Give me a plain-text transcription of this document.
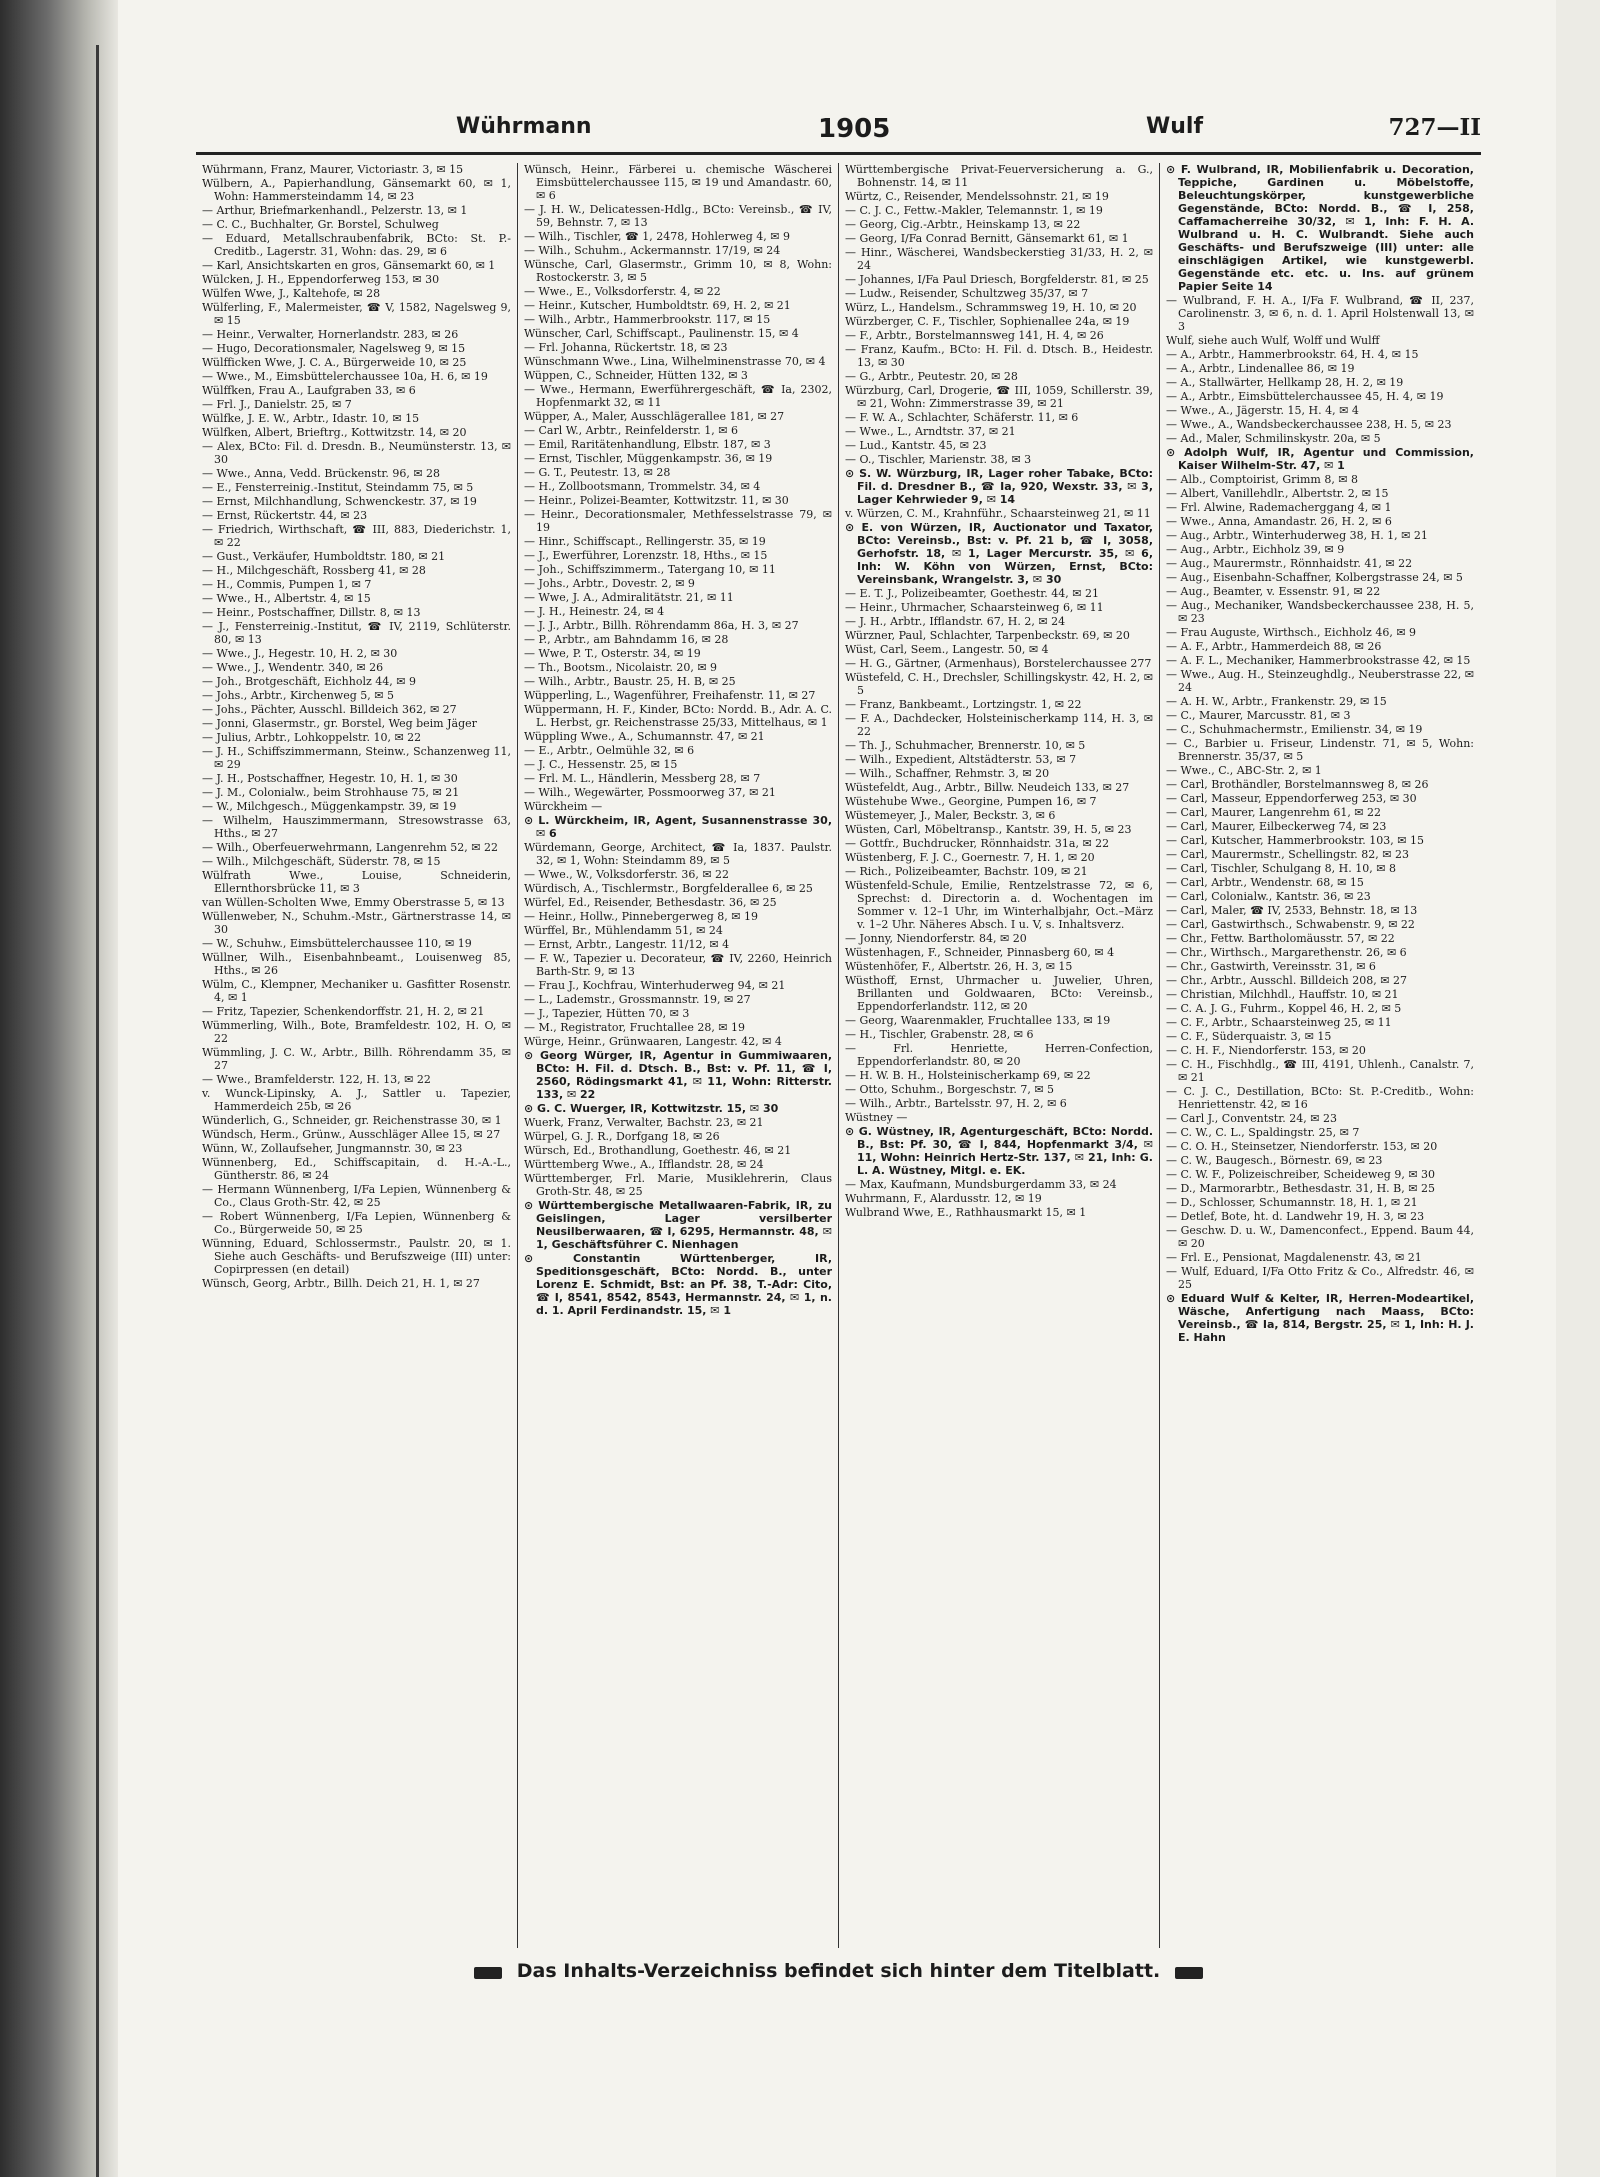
Wührmann	1905	Wulf	727—II
Wührmann, Franz, Maurer, Victoriastr. 3, ✉ 15
Wülbern, A., Papierhandlung, Gänsemarkt 60, ✉ 1, Wohn: Hammersteindamm 14, ✉ 23
— Arthur, Briefmarkenhandl., Pelzerstr. 13, ✉ 1
— C. C., Buchhalter, Gr. Borstel, Schulweg
— Eduard, Metallschraubenfabrik, BCto: St. P.-Creditb., Lagerstr. 31, Wohn: das. 29, ✉ 6
— Karl, Ansichtskarten en gros, Gänsemarkt 60, ✉ 1
Wülcken, J. H., Eppendorferweg 153, ✉ 30
Wülfen Wwe, J., Kaltehofe, ✉ 28
Wülferling, F., Malermeister, ☎ V, 1582, Nagelsweg 9, ✉ 15
— Heinr., Verwalter, Hornerlandstr. 283, ✉ 26
— Hugo, Decorationsmaler, Nagelsweg 9, ✉ 15
Wülfficken Wwe, J. C. A., Bürgerweide 10, ✉ 25
— Wwe., M., Eimsbüttelerchaussee 10a, H. 6, ✉ 19
Wülffken, Frau A., Laufgraben 33, ✉ 6
— Frl. J., Danielstr. 25, ✉ 7
Wülfke, J. E. W., Arbtr., Idastr. 10, ✉ 15
Wülfken, Albert, Brieftrg., Kottwitzstr. 14, ✉ 20
— Alex, BCto: Fil. d. Dresdn. B., Neumünsterstr. 13, ✉ 30
— Wwe., Anna, Vedd. Brückenstr. 96, ✉ 28
— E., Fensterreinig.-Institut, Steindamm 75, ✉ 5
— Ernst, Milchhandlung, Schwenckestr. 37, ✉ 19
— Ernst, Rückertstr. 44, ✉ 23
— Friedrich, Wirthschaft, ☎ III, 883, Diederichstr. 1, ✉ 22
— Gust., Verkäufer, Humboldtstr. 180, ✉ 21
— H., Milchgeschäft, Rossberg 41, ✉ 28
— H., Commis, Pumpen 1, ✉ 7
— Wwe., H., Albertstr. 4, ✉ 15
— Heinr., Postschaffner, Dillstr. 8, ✉ 13
— J., Fensterreinig.-Institut, ☎ IV, 2119, Schlüterstr. 80, ✉ 13
— Wwe., J., Hegestr. 10, H. 2, ✉ 30
— Wwe., J., Wendentr. 340, ✉ 26
— Joh., Brotgeschäft, Eichholz 44, ✉ 9
— Johs., Arbtr., Kirchenweg 5, ✉ 5
— Johs., Pächter, Ausschl. Billdeich 362, ✉ 27
— Jonni, Glasermstr., gr. Borstel, Weg beim Jäger
— Julius, Arbtr., Lohkoppelstr. 10, ✉ 22
— J. H., Schiffszimmermann, Steinw., Schanzenweg 11, ✉ 29
— J. H., Postschaffner, Hegestr. 10, H. 1, ✉ 30
— J. M., Colonialw., beim Strohhause 75, ✉ 21
— W., Milchgesch., Müggenkampstr. 39, ✉ 19
— Wilhelm, Hauszimmermann, Stresowstrasse 63, Hths., ✉ 27
— Wilh., Oberfeuerwehrmann, Langenrehm 52, ✉ 22
— Wilh., Milchgeschäft, Süderstr. 78, ✉ 15
Wülfrath Wwe., Louise, Schneiderin, Ellernthorsbrücke 11, ✉ 3
van Wüllen-Scholten Wwe, Emmy Oberstrasse 5, ✉ 13
Wüllenweber, N., Schuhm.-Mstr., Gärtnerstrasse 14, ✉ 30
— W., Schuhw., Eimsbüttelerchaussee 110, ✉ 19
Wüllner, Wilh., Eisenbahnbeamt., Louisenweg 85, Hths., ✉ 26
Wülm, C., Klempner, Mechaniker u. Gasfitter Rosenstr. 4, ✉ 1
— Fritz, Tapezier, Schenkendorffstr. 21, H. 2, ✉ 21
Wümmerling, Wilh., Bote, Bramfeldestr. 102, H. O, ✉ 22
Wümmling, J. C. W., Arbtr., Billh. Röhrendamm 35, ✉ 27
— Wwe., Bramfelderstr. 122, H. 13, ✉ 22
v. Wunck-Lipinsky, A. J., Sattler u. Tapezier, Hammerdeich 25b, ✉ 26
Wünderlich, G., Schneider, gr. Reichenstrasse 30, ✉ 1
Wündsch, Herm., Grünw., Ausschläger Allee 15, ✉ 27
Wünn, W., Zollaufseher, Jungmannstr. 30, ✉ 23
Wünnenberg, Ed., Schiffscapitain, d. H.-A.-L., Güntherstr. 86, ✉ 24
— Hermann Wünnenberg, I/Fa Lepien, Wünnenberg & Co., Claus Groth-Str. 42, ✉ 25
— Robert Wünnenberg, I/Fa Lepien, Wünnenberg & Co., Bürgerweide 50, ✉ 25
Wünning, Eduard, Schlossermstr., Paulstr. 20, ✉ 1. Siehe auch Geschäfts- und Berufszweige (III) unter: Copirpressen (en detail)
Wünsch, Georg, Arbtr., Billh. Deich 21, H. 1, ✉ 27
Wünsch, Heinr., Färberei u. chemische Wäscherei Eimsbüttelerchaussee 115, ✉ 19 und Amandastr. 60, ✉ 6
— J. H. W., Delicatessen-Hdlg., BCto: Vereinsb., ☎ IV, 59, Behnstr. 7, ✉ 13
— Wilh., Tischler, ☎ 1, 2478, Hohlerweg 4, ✉ 9
— Wilh., Schuhm., Ackermannstr. 17/19, ✉ 24
Wünsche, Carl, Glasermstr., Grimm 10, ✉ 8, Wohn: Rostockerstr. 3, ✉ 5
— Wwe., E., Volksdorferstr. 4, ✉ 22
— Heinr., Kutscher, Humboldtstr. 69, H. 2, ✉ 21
— Wilh., Arbtr., Hammerbrookstr. 117, ✉ 15
Wünscher, Carl, Schiffscapt., Paulinenstr. 15, ✉ 4
— Frl. Johanna, Rückertstr. 18, ✉ 23
Wünschmann Wwe., Lina, Wilhelminenstrasse 70, ✉ 4
Wüppen, C., Schneider, Hütten 132, ✉ 3
— Wwe., Hermann, Ewerführergeschäft, ☎ Ia, 2302, Hopfenmarkt 32, ✉ 11
Wüpper, A., Maler, Ausschlägerallee 181, ✉ 27
— Carl W., Arbtr., Reinfelderstr. 1, ✉ 6
— Emil, Raritätenhandlung, Elbstr. 187, ✉ 3
— Ernst, Tischler, Müggenkampstr. 36, ✉ 19
— G. T., Peutestr. 13, ✉ 28
— H., Zollbootsmann, Trommelstr. 34, ✉ 4
— Heinr., Polizei-Beamter, Kottwitzstr. 11, ✉ 30
— Heinr., Decorationsmaler, Methfesselstrasse 79, ✉ 19
— Hinr., Schiffscapt., Rellingerstr. 35, ✉ 19
— J., Ewerführer, Lorenzstr. 18, Hths., ✉ 15
— Joh., Schiffszimmerm., Tatergang 10, ✉ 11
— Johs., Arbtr., Dovestr. 2, ✉ 9
— Wwe, J. A., Admiralitätstr. 21, ✉ 11
— J. H., Heinestr. 24, ✉ 4
— J. J., Arbtr., Billh. Röhrendamm 86a, H. 3, ✉ 27
— P., Arbtr., am Bahndamm 16, ✉ 28
— Wwe, P. T., Osterstr. 34, ✉ 19
— Th., Bootsm., Nicolaistr. 20, ✉ 9
— Wilh., Arbtr., Baustr. 25, H. B, ✉ 25
Wüpperling, L., Wagenführer, Freihafenstr. 11, ✉ 27
Wüppermann, H. F., Kinder, BCto: Nordd. B., Adr. A. C. L. Herbst, gr. Reichenstrasse 25/33, Mittelhaus, ✉ 1
Wüppling Wwe., A., Schumannstr. 47, ✉ 21
— E., Arbtr., Oelmühle 32, ✉ 6
— J. C., Hessenstr. 25, ✉ 15
— Frl. M. L., Händlerin, Messberg 28, ✉ 7
— Wilh., Wegewärter, Possmoorweg 37, ✉ 21
Würckheim —
⊙ L. Würckheim, IR, Agent, Susannenstrasse 30, ✉ 6
Würdemann, George, Architect, ☎ Ia, 1837. Paulstr. 32, ✉ 1, Wohn: Steindamm 89, ✉ 5
— Wwe., W., Volksdorferstr. 36, ✉ 22
Würdisch, A., Tischlermstr., Borgfelderallee 6, ✉ 25
Würfel, Ed., Reisender, Bethesdastr. 36, ✉ 25
— Heinr., Hollw., Pinnebergerweg 8, ✉ 19
Würffel, Br., Mühlendamm 51, ✉ 24
— Ernst, Arbtr., Langestr. 11/12, ✉ 4
— F. W., Tapezier u. Decorateur, ☎ IV, 2260, Heinrich Barth-Str. 9, ✉ 13
— Frau J., Kochfrau, Winterhuderweg 94, ✉ 21
— L., Lademstr., Grossmannstr. 19, ✉ 27
— J., Tapezier, Hütten 70, ✉ 3
— M., Registrator, Fruchtallee 28, ✉ 19
Würge, Heinr., Grünwaaren, Langestr. 42, ✉ 4
⊙ Georg Würger, IR, Agentur in Gummiwaaren, BCto: H. Fil. d. Dtsch. B., Bst: v. Pf. 11, ☎ I, 2560, Rödingsmarkt 41, ✉ 11, Wohn: Ritterstr. 133, ✉ 22
⊙ G. C. Wuerger, IR, Kottwitzstr. 15, ✉ 30
Wuerk, Franz, Verwalter, Bachstr. 23, ✉ 21
Würpel, G. J. R., Dorfgang 18, ✉ 26
Würsch, Ed., Brothandlung, Goethestr. 46, ✉ 21
Württemberg Wwe., A., Ifflandstr. 28, ✉ 24
Württemberger, Frl. Marie, Musiklehrerin, Claus Groth-Str. 48, ✉ 25
⊙ Württembergische Metallwaaren-Fabrik, IR, zu Geislingen, Lager versilberter Neusilberwaaren, ☎ I, 6295, Hermannstr. 48, ✉ 1, Geschäftsführer C. Nienhagen
⊙ Constantin Württenberger, IR, Speditionsgeschäft, BCto: Nordd. B., unter Lorenz E. Schmidt, Bst: an Pf. 38, T.-Adr: Cito, ☎ I, 8541, 8542, 8543, Hermannstr. 24, ✉ 1, n. d. 1. April Ferdinandstr. 15, ✉ 1
Württembergische Privat-Feuerversicherung a. G., Bohnenstr. 14, ✉ 11
Würtz, C., Reisender, Mendelssohnstr. 21, ✉ 19
— C. J. C., Fettw.-Makler, Telemannstr. 1, ✉ 19
— Georg, Cig.-Arbtr., Heinskamp 13, ✉ 22
— Georg, I/Fa Conrad Bernitt, Gänsemarkt 61, ✉ 1
— Hinr., Wäscherei, Wandsbeckerstieg 31/33, H. 2, ✉ 24
— Johannes, I/Fa Paul Driesch, Borgfelderstr. 81, ✉ 25
— Ludw., Reisender, Schultzweg 35/37, ✉ 7
Würz, L., Handelsm., Schrammsweg 19, H. 10, ✉ 20
Würzberger, C. F., Tischler, Sophienallee 24a, ✉ 19
— F., Arbtr., Borstelmannsweg 141, H. 4, ✉ 26
— Franz, Kaufm., BCto: H. Fil. d. Dtsch. B., Heidestr. 13, ✉ 30
— G., Arbtr., Peutestr. 20, ✉ 28
Würzburg, Carl, Drogerie, ☎ III, 1059, Schillerstr. 39, ✉ 21, Wohn: Zimmerstrasse 39, ✉ 21
— F. W. A., Schlachter, Schäferstr. 11, ✉ 6
— Wwe., L., Arndtstr. 37, ✉ 21
— Lud., Kantstr. 45, ✉ 23
— O., Tischler, Marienstr. 38, ✉ 3
⊙ S. W. Würzburg, IR, Lager roher Tabake, BCto: Fil. d. Dresdner B., ☎ Ia, 920, Wexstr. 33, ✉ 3, Lager Kehrwieder 9, ✉ 14
v. Würzen, C. M., Krahnführ., Schaarsteinweg 21, ✉ 11
⊙ E. von Würzen, IR, Auctionator und Taxator, BCto: Vereinsb., Bst: v. Pf. 21 b, ☎ I, 3058, Gerhofstr. 18, ✉ 1, Lager Mercurstr. 35, ✉ 6, Inh: W. Köhn von Würzen, Ernst, BCto: Vereinsbank, Wrangelstr. 3, ✉ 30
— E. T. J., Polizeibeamter, Goethestr. 44, ✉ 21
— Heinr., Uhrmacher, Schaarsteinweg 6, ✉ 11
— J. H., Arbtr., Ifflandstr. 67, H. 2, ✉ 24
Würzner, Paul, Schlachter, Tarpenbeckstr. 69, ✉ 20
Wüst, Carl, Seem., Langestr. 50, ✉ 4
— H. G., Gärtner, (Armenhaus), Borstelerchaussee 277
Wüstefeld, C. H., Drechsler, Schillingskystr. 42, H. 2, ✉ 5
— Franz, Bankbeamt., Lortzingstr. 1, ✉ 22
— F. A., Dachdecker, Holsteinischerkamp 114, H. 3, ✉ 22
— Th. J., Schuhmacher, Brennerstr. 10, ✉ 5
— Wilh., Expedient, Altstädterstr. 53, ✉ 7
— Wilh., Schaffner, Rehmstr. 3, ✉ 20
Wüstefeldt, Aug., Arbtr., Billw. Neudeich 133, ✉ 27
Wüstehube Wwe., Georgine, Pumpen 16, ✉ 7
Wüstemeyer, J., Maler, Beckstr. 3, ✉ 6
Wüsten, Carl, Möbeltransp., Kantstr. 39, H. 5, ✉ 23
— Gottfr., Buchdrucker, Rönnhaidstr. 31a, ✉ 22
Wüstenberg, F. J. C., Goernestr. 7, H. 1, ✉ 20
— Rich., Polizeibeamter, Bachstr. 109, ✉ 21
Wüstenfeld-Schule, Emilie, Rentzelstrasse 72, ✉ 6, Sprechst: d. Directorin a. d. Wochentagen im Sommer v. 12–1 Uhr, im Winterhalbjahr, Oct.–März v. 1–2 Uhr. Näheres Absch. I u. V, s. Inhaltsverz.
— Jonny, Niendorferstr. 84, ✉ 20
Wüstenhagen, F., Schneider, Pinnasberg 60, ✉ 4
Wüstenhöfer, F., Albertstr. 26, H. 3, ✉ 15
Wüsthoff, Ernst, Uhrmacher u. Juwelier, Uhren, Brillanten und Goldwaaren, BCto: Vereinsb., Eppendorferlandstr. 112, ✉ 20
— Georg, Waarenmakler, Fruchtallee 133, ✉ 19
— H., Tischler, Grabenstr. 28, ✉ 6
— Frl. Henriette, Herren-Confection, Eppendorferlandstr. 80, ✉ 20
— H. W. B. H., Holsteinischerkamp 69, ✉ 22
— Otto, Schuhm., Borgeschstr. 7, ✉ 5
— Wilh., Arbtr., Bartelsstr. 97, H. 2, ✉ 6
Wüstney —
⊙ G. Wüstney, IR, Agenturgeschäft, BCto: Nordd. B., Bst: Pf. 30, ☎ I, 844, Hopfenmarkt 3/4, ✉ 11, Wohn: Heinrich Hertz-Str. 137, ✉ 21, Inh: G. L. A. Wüstney, Mitgl. e. EK.
— Max, Kaufmann, Mundsburgerdamm 33, ✉ 24
Wuhrmann, F., Alardusstr. 12, ✉ 19
Wulbrand Wwe, E., Rathhausmarkt 15, ✉ 1
⊙ F. Wulbrand, IR, Mobilienfabrik u. Decoration, Teppiche, Gardinen u. Möbelstoffe, Beleuchtungskörper, kunstgewerbliche Gegenstände, BCto: Nordd. B., ☎ I, 258, Caffamacherreihe 30/32, ✉ 1, Inh: F. H. A. Wulbrand u. H. C. Wulbrandt. Siehe auch Geschäfts- und Berufszweige (III) unter: alle einschlägigen Artikel, wie kunstgewerbl. Gegenstände etc. etc. u. Ins. auf grünem Papier Seite 14
— Wulbrand, F. H. A., I/Fa F. Wulbrand, ☎ II, 237, Carolinenstr. 3, ✉ 6, n. d. 1. April Holstenwall 13, ✉ 3
Wulf, siehe auch Wulf, Wolff und Wulff
— A., Arbtr., Hammerbrookstr. 64, H. 4, ✉ 15
— A., Arbtr., Lindenallee 86, ✉ 19
— A., Stallwärter, Hellkamp 28, H. 2, ✉ 19
— A., Arbtr., Eimsbüttelerchaussee 45, H. 4, ✉ 19
— Wwe., A., Jägerstr. 15, H. 4, ✉ 4
— Wwe., A., Wandsbeckerchaussee 238, H. 5, ✉ 23
— Ad., Maler, Schmilinskystr. 20a, ✉ 5
⊙ Adolph Wulf, IR, Agentur und Commission, Kaiser Wilhelm-Str. 47, ✉ 1
— Alb., Comptoirist, Grimm 8, ✉ 8
— Albert, Vanillehdlr., Albertstr. 2, ✉ 15
— Frl. Alwine, Rademacherggang 4, ✉ 1
— Wwe., Anna, Amandastr. 26, H. 2, ✉ 6
— Aug., Arbtr., Winterhuderweg 38, H. 1, ✉ 21
— Aug., Arbtr., Eichholz 39, ✉ 9
— Aug., Maurermstr., Rönnhaidstr. 41, ✉ 22
— Aug., Eisenbahn-Schaffner, Kolbergstrasse 24, ✉ 5
— Aug., Beamter, v. Essenstr. 91, ✉ 22
— Aug., Mechaniker, Wandsbeckerchaussee 238, H. 5, ✉ 23
— Frau Auguste, Wirthsch., Eichholz 46, ✉ 9
— A. F., Arbtr., Hammerdeich 88, ✉ 26
— A. F. L., Mechaniker, Hammerbrookstrasse 42, ✉ 15
— Wwe., Aug. H., Steinzeughdlg., Neuberstrasse 22, ✉ 24
— A. H. W., Arbtr., Frankenstr. 29, ✉ 15
— C., Maurer, Marcusstr. 81, ✉ 3
— C., Schuhmachermstr., Emilienstr. 34, ✉ 19
— C., Barbier u. Friseur, Lindenstr. 71, ✉ 5, Wohn: Brennerstr. 35/37, ✉ 5
— Wwe., C., ABC-Str. 2, ✉ 1
— Carl, Brothändler, Borstelmannsweg 8, ✉ 26
— Carl, Masseur, Eppendorferweg 253, ✉ 30
— Carl, Maurer, Langenrehm 61, ✉ 22
— Carl, Maurer, Eilbeckerweg 74, ✉ 23
— Carl, Kutscher, Hammerbrookstr. 103, ✉ 15
— Carl, Maurermstr., Schellingstr. 82, ✉ 23
— Carl, Tischler, Schulgang 8, H. 10, ✉ 8
— Carl, Arbtr., Wendenstr. 68, ✉ 15
— Carl, Colonialw., Kantstr. 36, ✉ 23
— Carl, Maler, ☎ IV, 2533, Behnstr. 18, ✉ 13
— Carl, Gastwirthsch., Schwabenstr. 9, ✉ 22
— Chr., Fettw. Bartholomäusstr. 57, ✉ 22
— Chr., Wirthsch., Margarethenstr. 26, ✉ 6
— Chr., Gastwirth, Vereinsstr. 31, ✉ 6
— Chr., Arbtr., Ausschl. Billdeich 208, ✉ 27
— Christian, Milchhdl., Hauffstr. 10, ✉ 21
— C. A. J. G., Fuhrm., Koppel 46, H. 2, ✉ 5
— C. F., Arbtr., Schaarsteinweg 25, ✉ 11
— C. F., Süderquaistr. 3, ✉ 15
— C. H. F., Niendorferstr. 153, ✉ 20
— C. H., Fischhdlg., ☎ III, 4191, Uhlenh., Canalstr. 7, ✉ 21
— C. J. C., Destillation, BCto: St. P.-Creditb., Wohn: Henriettenstr. 42, ✉ 16
— Carl J., Conventstr. 24, ✉ 23
— C. W., C. L., Spaldingstr. 25, ✉ 7
— C. O. H., Steinsetzer, Niendorferstr. 153, ✉ 20
— C. W., Baugesch., Börnestr. 69, ✉ 23
— C. W. F., Polizeischreiber, Scheideweg 9, ✉ 30
— D., Marmorarbtr., Bethesdastr. 31, H. B, ✉ 25
— D., Schlosser, Schumannstr. 18, H. 1, ✉ 21
— Detlef, Bote, ht. d. Landwehr 19, H. 3, ✉ 23
— Geschw. D. u. W., Damenconfect., Eppend. Baum 44, ✉ 20
— Frl. E., Pensionat, Magdalenenstr. 43, ✉ 21
— Wulf, Eduard, I/Fa Otto Fritz & Co., Alfredstr. 46, ✉ 25
⊙ Eduard Wulf & Kelter, IR, Herren-Modeartikel, Wäsche, Anfertigung nach Maass, BCto: Vereinsb., ☎ Ia, 814, Bergstr. 25, ✉ 1, Inh: H. J. E. Hahn
Das Inhalts-Verzeichniss befindet sich hinter dem Titelblatt.
